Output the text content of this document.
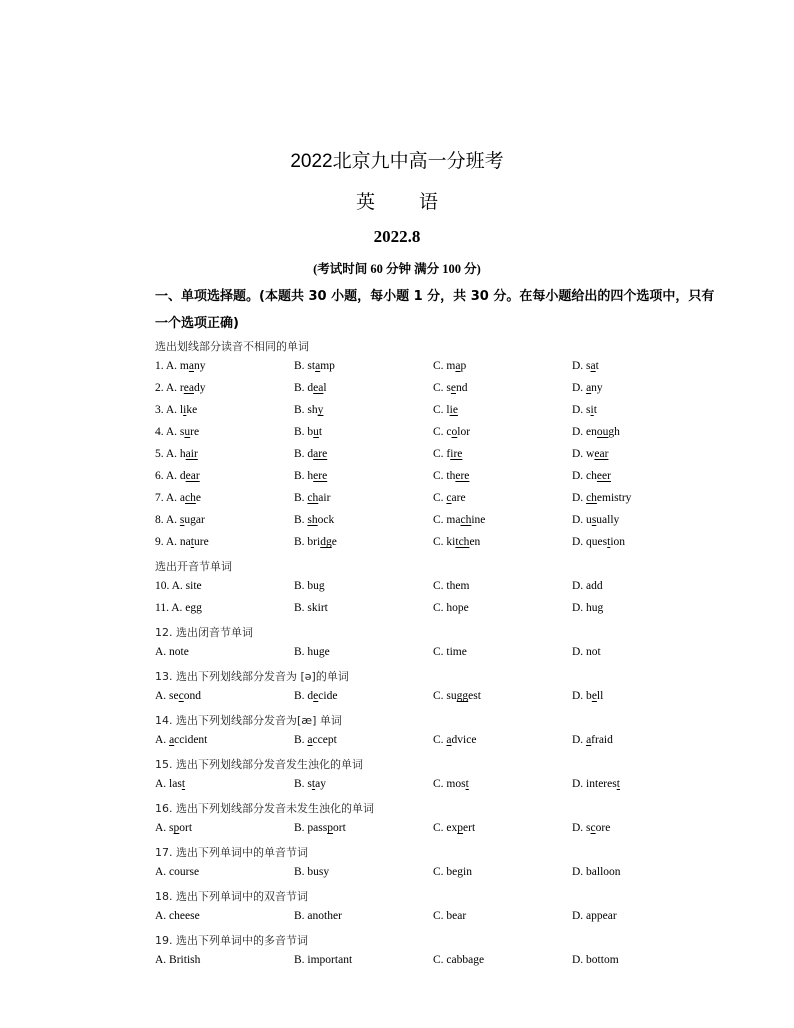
2022北京九中高一分班考
英 语
2022.8
(考试时间 60 分钟 满分 100 分)
一、单项选择题。(本题共 30 小题，每小题 1 分，共 30 分。在每小题给出的四个选项中，只有一个选项正确)
选出划线部分读音不相同的单词
1. A. many	B. stamp	C. map	D. sat
2. A. ready	B. deal	C. send	D. any
3. A. like	B. shy	C. lie	D. sit
4. A. sure	B. but	C. color	D. enough
5. A. hair	B. dare	C. fire	D. wear
6. A. dear	B. here	C. there	D. cheer
7. A. ache	B. chair	C. care	D. chemistry
8. A. sugar	B. shock	C. machine	D. usually
9. A. nature	B. bridge	C. kitchen	D. question
选出开音节单词
10. A. site	B. bug	C. them	D. add
11. A. egg	B. skirt	C. hope	D. hug
12. 选出闭音节单词
A. note	B. huge	C. time	D. not
13. 选出下列划线部分发音为 [ə]的单词
A. second	B. decide	C. suggest	D. bell
14. 选出下列划线部分发音为[æ] 单词
A. accident	B. accept	C. advice	D. afraid
15. 选出下列划线部分发音发生浊化的单词
A. last	B. stay	C. most	D. interest
16. 选出下列划线部分发音未发生浊化的单词
A. sport	B. passport	C. expert	D. score
17. 选出下列单词中的单音节词
A. course	B. busy	C. begin	D. balloon
18. 选出下列单词中的双音节词
A. cheese	B. another	C. bear	D. appear
19. 选出下列单词中的多音节词
A. British	B. important	C. cabbage	D. bottom
